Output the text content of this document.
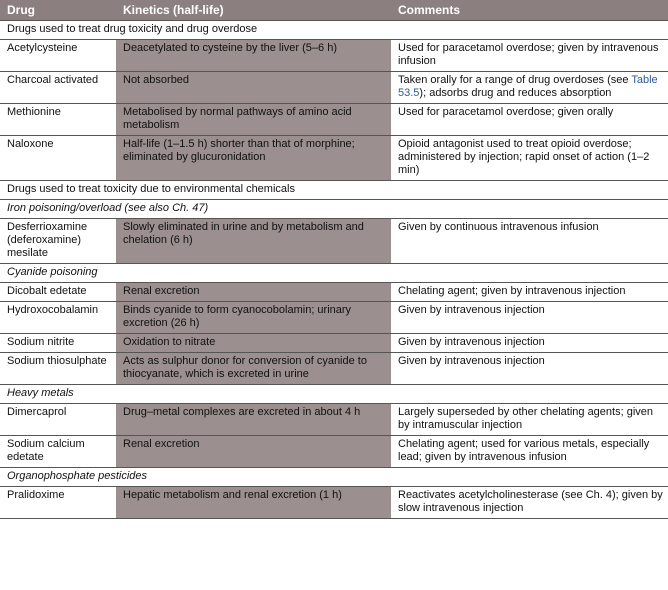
Drug	Kinetics (half-life)	Comments
Drugs used to treat drug toxicity and drug overdose		
Acetylcysteine	Deacetylated to cysteine by the liver (5–6 h)	Used for paracetamol overdose; given by intravenous infusion
Charcoal activated	Not absorbed	Taken orally for a range of drug overdoses (see Table 53.5); adsorbs drug and reduces absorption
Methionine	Metabolised by normal pathways of amino acid metabolism	Used for paracetamol overdose; given orally
Naloxone	Half-life (1–1.5 h) shorter than that of morphine; eliminated by glucuronidation	Opioid antagonist used to treat opioid overdose; administered by injection; rapid onset of action (1–2 min)
Drugs used to treat toxicity due to environmental chemicals		
Iron poisoning/overload (see also Ch. 47)		
Desferrioxamine (deferoxamine) mesilate	Slowly eliminated in urine and by metabolism and chelation (6 h)	Given by continuous intravenous infusion
Cyanide poisoning		
Dicobalt edetate	Renal excretion	Chelating agent; given by intravenous injection
Hydroxocobalamin	Binds cyanide to form cyanocobolamin; urinary excretion (26 h)	Given by intravenous injection
Sodium nitrite	Oxidation to nitrate	Given by intravenous injection
Sodium thiosulphate	Acts as sulphur donor for conversion of cyanide to thiocyanate, which is excreted in urine	Given by intravenous injection
Heavy metals		
Dimercaprol	Drug–metal complexes are excreted in about 4 h	Largely superseded by other chelating agents; given by intramuscular injection
Sodium calcium edetate	Renal excretion	Chelating agent; used for various metals, especially lead; given by intravenous infusion
Organophosphate pesticides		
Pralidoxime	Hepatic metabolism and renal excretion (1 h)	Reactivates acetylcholinesterase (see Ch. 4); given by slow intravenous injection
